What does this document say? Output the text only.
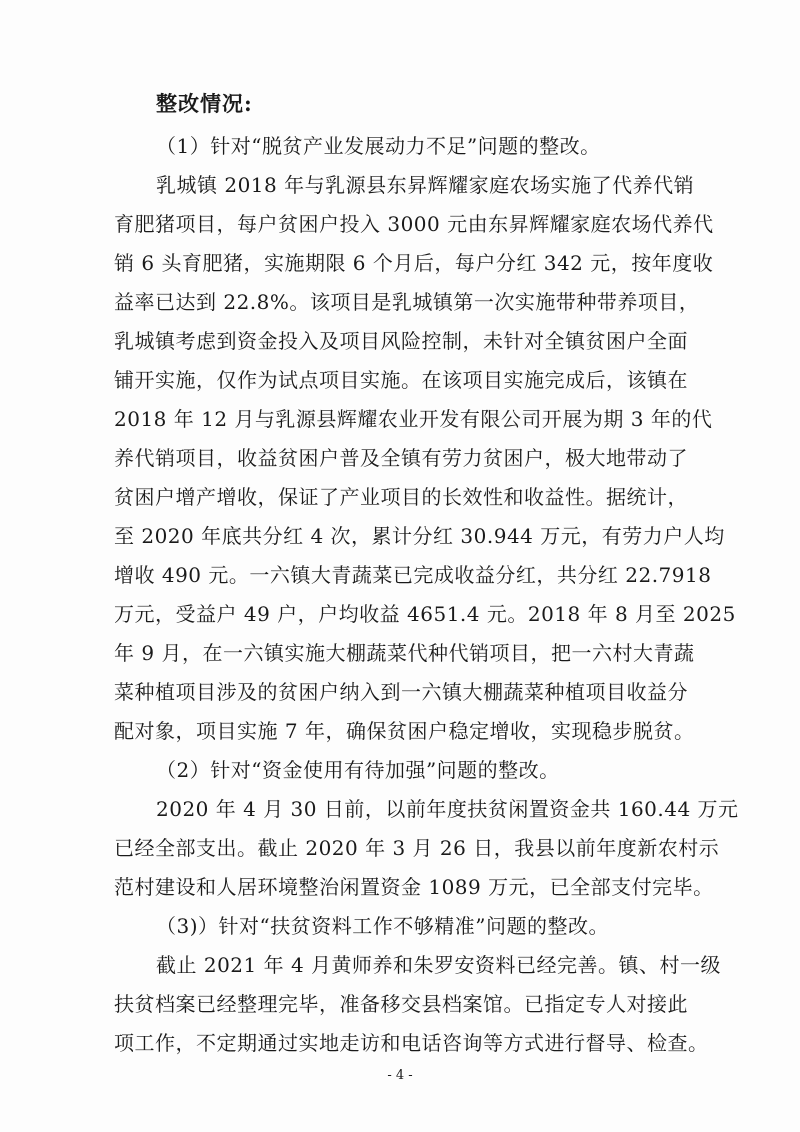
整改情况:
（1）针对“脱贫产业发展动力不足”问题的整改。
乳城镇 2018 年与乳源县东昇辉耀家庭农场实施了代养代销
育肥猪项目，每户贫困户投入 3000 元由东昇辉耀家庭农场代养代
销 6 头育肥猪，实施期限 6 个月后，每户分红 342 元，按年度收
益率已达到 22.8%。该项目是乳城镇第一次实施带种带养项目，
乳城镇考虑到资金投入及项目风险控制，未针对全镇贫困户全面
铺开实施，仅作为试点项目实施。在该项目实施完成后，该镇在
2018 年 12 月与乳源县辉耀农业开发有限公司开展为期 3 年的代
养代销项目，收益贫困户普及全镇有劳力贫困户，极大地带动了
贫困户增产增收，保证了产业项目的长效性和收益性。据统计，
至 2020 年底共分红 4 次，累计分红 30.944 万元，有劳力户人均
增收 490 元。一六镇大青蔬菜已完成收益分红，共分红 22.7918
万元，受益户 49 户，户均收益 4651.4 元。2018 年 8 月至 2025
年 9 月，在一六镇实施大棚蔬菜代种代销项目，把一六村大青蔬
菜种植项目涉及的贫困户纳入到一六镇大棚蔬菜种植项目收益分
配对象，项目实施 7 年，确保贫困户稳定增收，实现稳步脱贫。
（2）针对“资金使用有待加强”问题的整改。
2020 年 4 月 30 日前，以前年度扶贫闲置资金共 160.44 万元
已经全部支出。截止 2020 年 3 月 26 日，我县以前年度新农村示
范村建设和人居环境整治闲置资金 1089 万元，已全部支付完毕。
（3)）针对“扶贫资料工作不够精准”问题的整改。
截止 2021 年 4 月黄师养和朱罗安资料已经完善。镇、村一级
扶贫档案已经整理完毕，准备移交县档案馆。已指定专人对接此
项工作，不定期通过实地走访和电话咨询等方式进行督导、检查。
- 4 -
